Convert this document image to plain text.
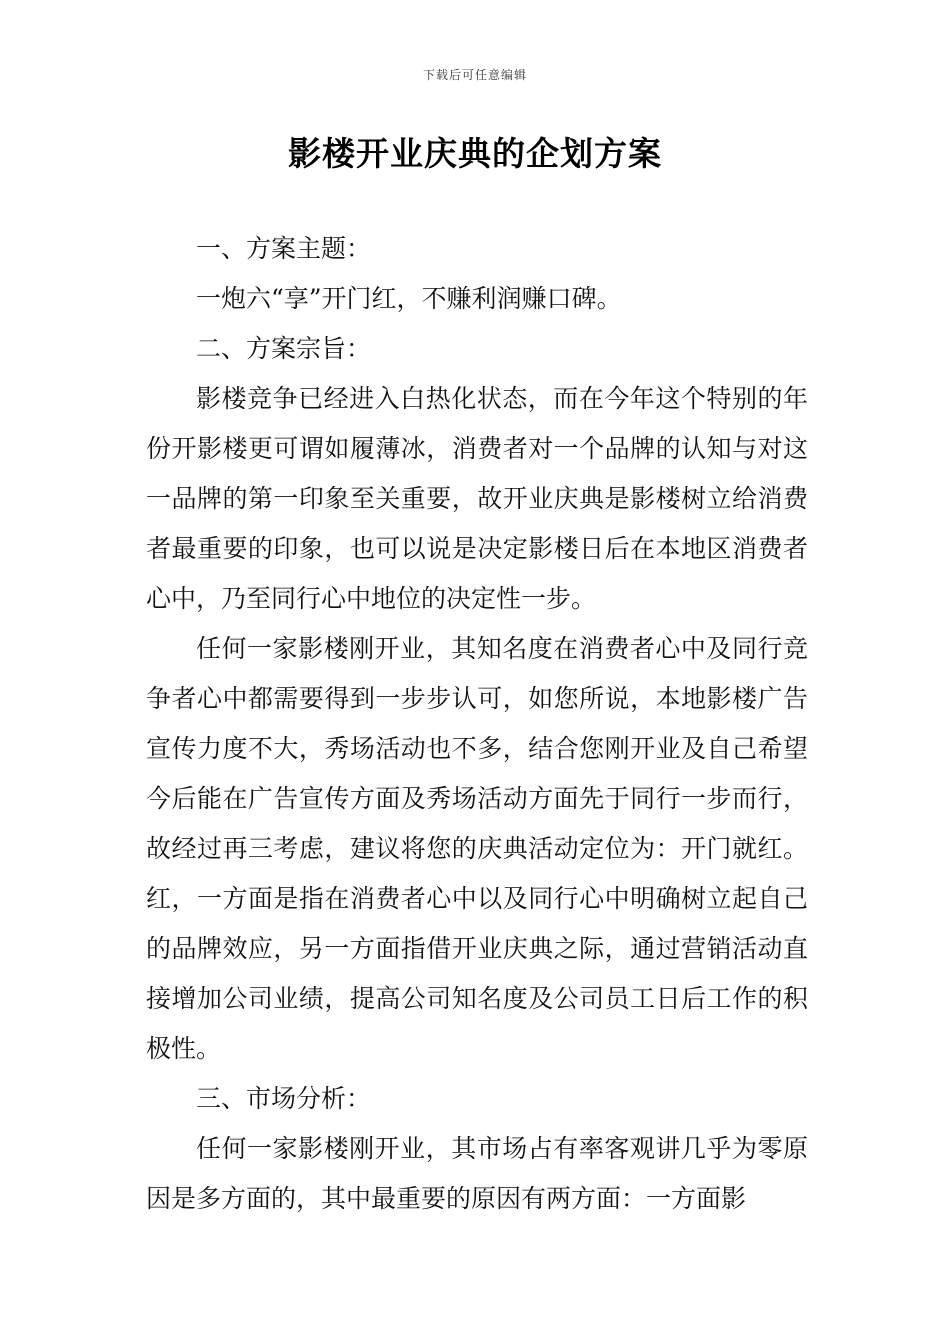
下载后可任意编辑
影楼开业庆典的企划方案

一、方案主题：

一炮六“享”开门红，不赚利润赚口碑。

二、方案宗旨：

影楼竞争已经进入白热化状态，而在今年这个特别的年份开影楼更可谓如履薄冰，消费者对一个品牌的认知与对这一品牌的第一印象至关重要，故开业庆典是影楼树立给消费者最重要的印象，也可以说是决定影楼日后在本地区消费者心中，乃至同行心中地位的决定性一步。

任何一家影楼刚开业，其知名度在消费者心中及同行竞争者心中都需要得到一步步认可，如您所说，本地影楼广告宣传力度不大，秀场活动也不多，结合您刚开业及自己希望今后能在广告宣传方面及秀场活动方面先于同行一步而行，故经过再三考虑，建议将您的庆典活动定位为：开门就红。红，一方面是指在消费者心中以及同行心中明确树立起自己的品牌效应，另一方面指借开业庆典之际，通过营销活动直接增加公司业绩，提高公司知名度及公司员工日后工作的积极性。

三、市场分析：

任何一家影楼刚开业，其市场占有率客观讲几乎为零原因是多方面的，其中最重要的原因有两方面：一方面影
